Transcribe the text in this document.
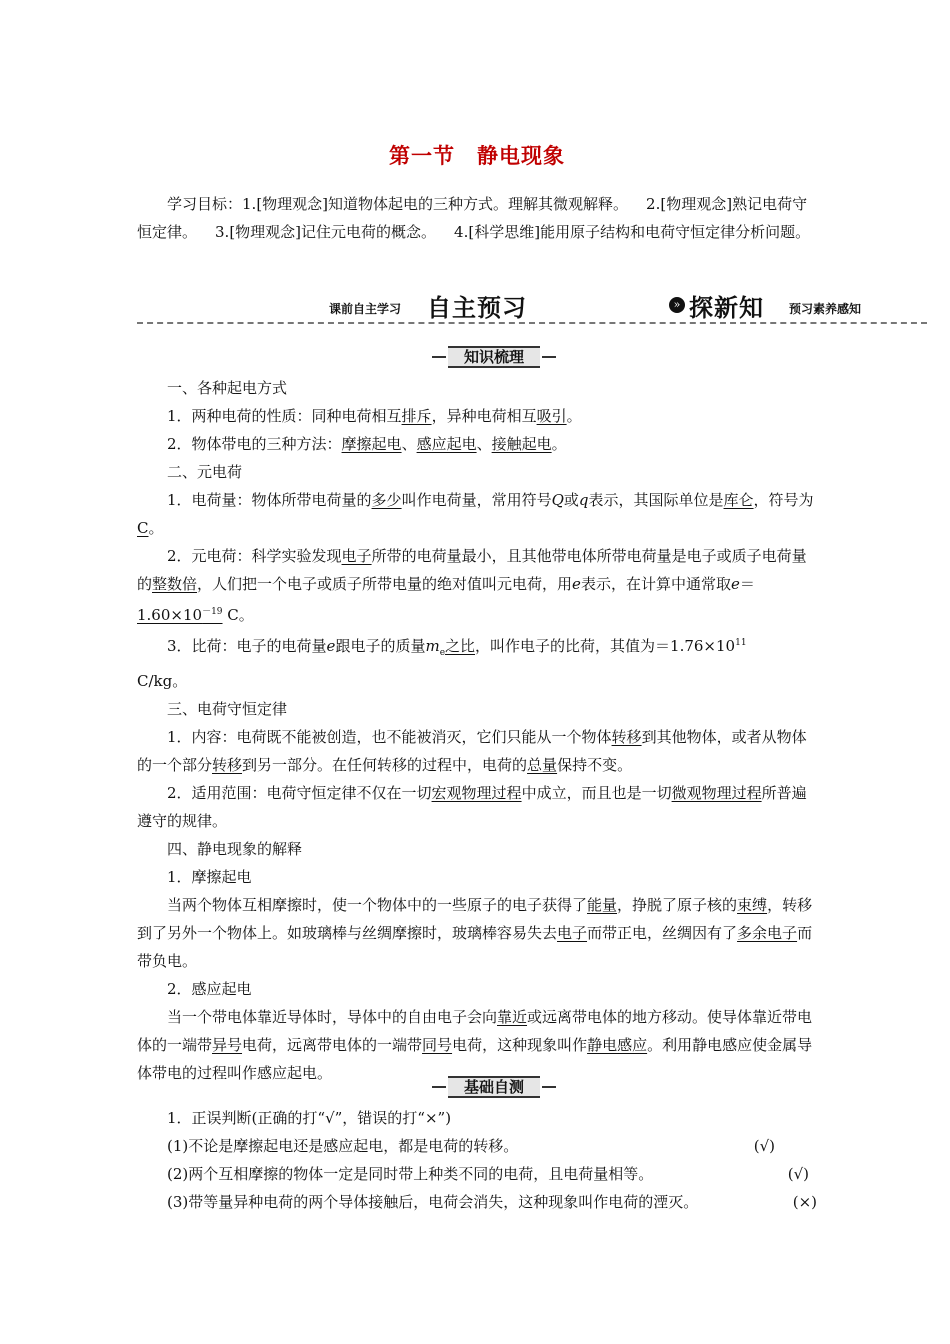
第一节 静电现象

学习目标：1.[物理观念]知道物体起电的三种方式。理解其微观解释。 2.[物理观念]熟记电荷守恒定律。 3.[物理观念]记住元电荷的概念。 4.[科学思维]能用原子结构和电荷守恒定律分析问题。

课前自主学习 自主预习	» 探新知 预习素养感知
知识梳理

一、各种起电方式

1．两种电荷的性质：同种电荷相互排斥，异种电荷相互吸引。

2．物体带电的三种方法：摩擦起电、感应起电、接触起电。

二、元电荷

1．电荷量：物体所带电荷量的多少叫作电荷量，常用符号Q或q表示，其国际单位是库仑，符号为C。

2．元电荷：科学实验发现电子所带的电荷量最小，且其他带电体所带电荷量是电子或质子电荷量的整数倍，人们把一个电子或质子所带电量的绝对值叫元电荷，用e表示，在计算中通常取$e=1.60\times 10^{-19}$ C。

3．比荷：电子的电荷量e跟电子的质量$m_e$之比，叫作电子的比荷，其值为$=1.76\times 10^{11}$
C/kg。

三、电荷守恒定律

1．内容：电荷既不能被创造，也不能被消灭，它们只能从一个物体转移到其他物体，或者从物体的一个部分转移到另一部分。在任何转移的过程中，电荷的总量保持不变。

2．适用范围：电荷守恒定律不仅在一切宏观物理过程中成立，而且也是一切微观物理过程所普遍遵守的规律。

四、静电现象的解释

1．摩擦起电

当两个物体互相摩擦时，使一个物体中的一些原子的电子获得了能量，挣脱了原子核的束缚，转移到了另外一个物体上。如玻璃棒与丝绸摩擦时，玻璃棒容易失去电子而带正电，丝绸因有了多余电子而带负电。

2．感应起电

当一个带电体靠近导体时，导体中的自由电子会向靠近或远离带电体的地方移动。使导体靠近带电体的一端带异号电荷，远离带电体的一端带同号电荷，这种现象叫作静电感应。利用静电感应使金属导体带电的过程叫作感应起电。

基础自测

1．正误判断(正确的打“√”，错误的打“×”)

(1)不论是摩擦起电还是感应起电，都是电荷的转移。	(√)
(2)两个互相摩擦的物体一定是同时带上种类不同的电荷，且电荷量相等。	(√)
(3)带等量异种电荷的两个导体接触后，电荷会消失，这种现象叫作电荷的湮灭。	(×)
